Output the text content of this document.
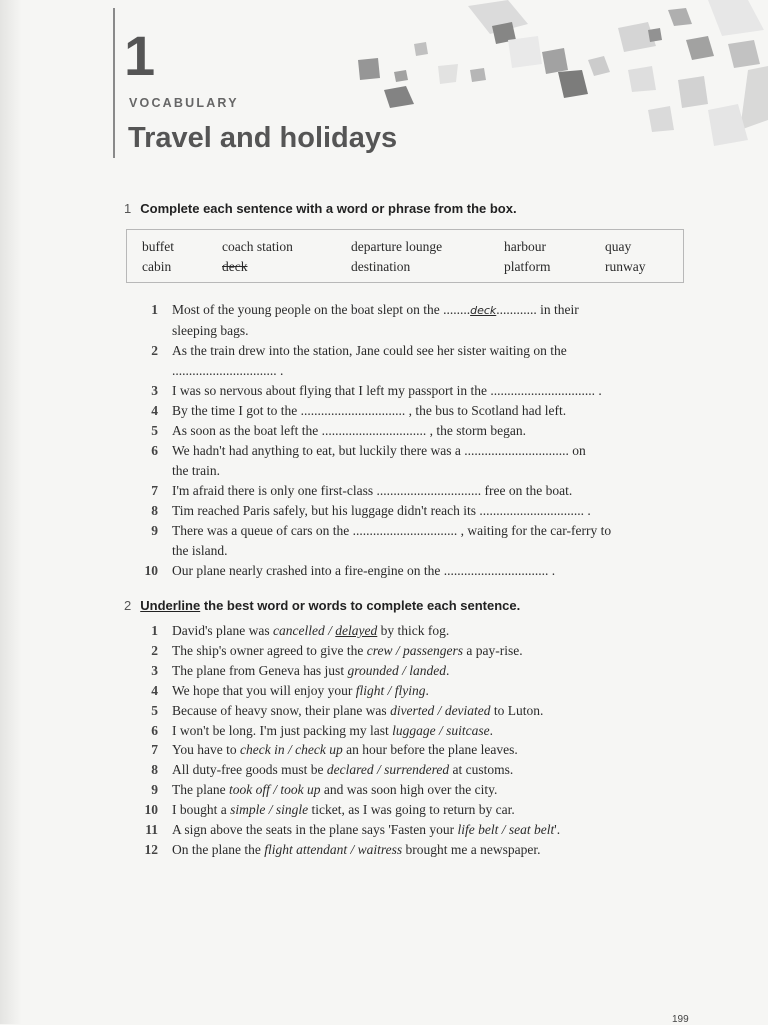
1
VOCABULARY
Travel and holidays
1 Complete each sentence with a word or phrase from the box.
buffet	coach station	departure lounge	harbour	quay
cabin	deck	destination	platform	runway
1 Most of the young people on the boat slept on the ........deck............ in their
sleeping bags.
2 As the train drew into the station, Jane could see her sister waiting on the
............................... .
3 I was so nervous about flying that I left my passport in the ............................... .
4 By the time I got to the ............................... , the bus to Scotland had left.
5 As soon as the boat left the ............................... , the storm began.
6 We hadn't had anything to eat, but luckily there was a ............................... on
the train.
7 I'm afraid there is only one first-class ............................... free on the boat.
8 Tim reached Paris safely, but his luggage didn't reach its ............................... .
9 There was a queue of cars on the ............................... , waiting for the car-ferry to
the island.
10 Our plane nearly crashed into a fire-engine on the ............................... .
2 Underline the best word or words to complete each sentence.
1 David's plane was cancelled / delayed by thick fog.
2 The ship's owner agreed to give the crew / passengers a pay-rise.
3 The plane from Geneva has just grounded / landed.
4 We hope that you will enjoy your flight / flying.
5 Because of heavy snow, their plane was diverted / deviated to Luton.
6 I won't be long. I'm just packing my last luggage / suitcase.
7 You have to check in / check up an hour before the plane leaves.
8 All duty-free goods must be declared / surrendered at customs.
9 The plane took off / took up and was soon high over the city.
10 I bought a simple / single ticket, as I was going to return by car.
11 A sign above the seats in the plane says 'Fasten your life belt / seat belt'.
12 On the plane the flight attendant / waitress brought me a newspaper.
199
